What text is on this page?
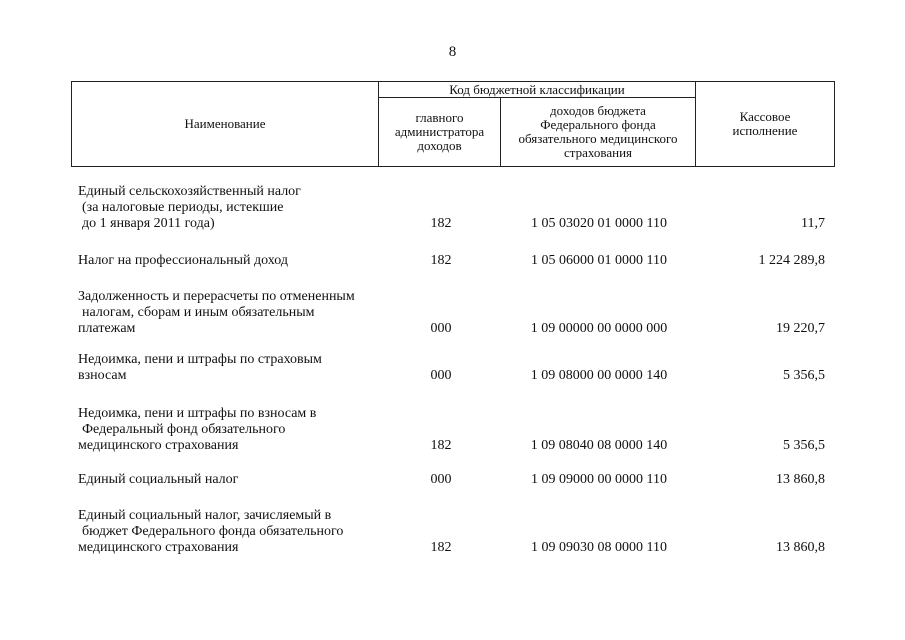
8
Наименование	Код бюджетной классификации		Кассовое исполнение
	главного администратора доходов	доходов бюджета Федерального фонда обязательного медицинского страхования	
Единый сельскохозяйственный налог
(за налоговые периоды, истекшие
до 1 января 2011 года)	182	1 05 03020 01 0000 110	11,7
Налог на профессиональный доход	182	1 05 06000 01 0000 110	1 224 289,8
Задолженность и перерасчеты по отмененным
налогам, сборам и иным обязательным
платежам	000	1 09 00000 00 0000 000	19 220,7
Недоимка, пени и штрафы по страховым
взносам	000	1 09 08000 00 0000 140	5 356,5
Недоимка, пени и штрафы по взносам в
Федеральный фонд обязательного
медицинского страхования	182	1 09 08040 08 0000 140	5 356,5
Единый социальный налог	000	1 09 09000 00 0000 110	13 860,8
Единый социальный налог, зачисляемый в
бюджет Федерального фонда обязательного
медицинского страхования	182	1 09 09030 08 0000 110	13 860,8
